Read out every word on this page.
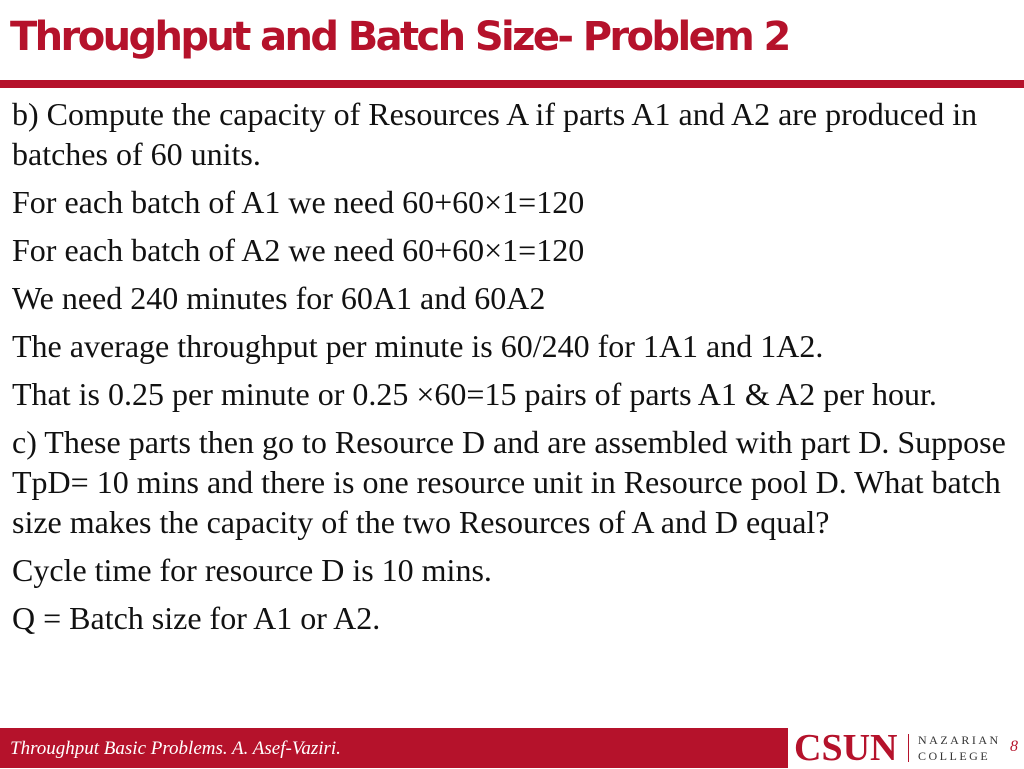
Throughput and Batch Size- Problem 2

b) Compute the capacity of Resources A if parts A1 and A2 are produced in batches of 60 units.

For each batch of A1 we need 60+60×1=120

For each batch of A2 we need 60+60×1=120

We need 240 minutes for 60A1 and 60A2

The average throughput per minute is 60/240 for 1A1 and 1A2.

That is 0.25 per minute or 0.25 ×60=15 pairs of parts A1 & A2 per hour.

c) These parts then go to Resource D and are assembled with part D. Suppose TpD= 10 mins and there is one resource unit in Resource pool D. What batch size makes the capacity of the two Resources of A and D equal?

Cycle time for resource D is 10 mins.

Q = Batch size for A1 or A2.

Throughput Basic Problems. A. Asef-Vaziri.	CSUN NAZARIAN
COLLEGE
8
